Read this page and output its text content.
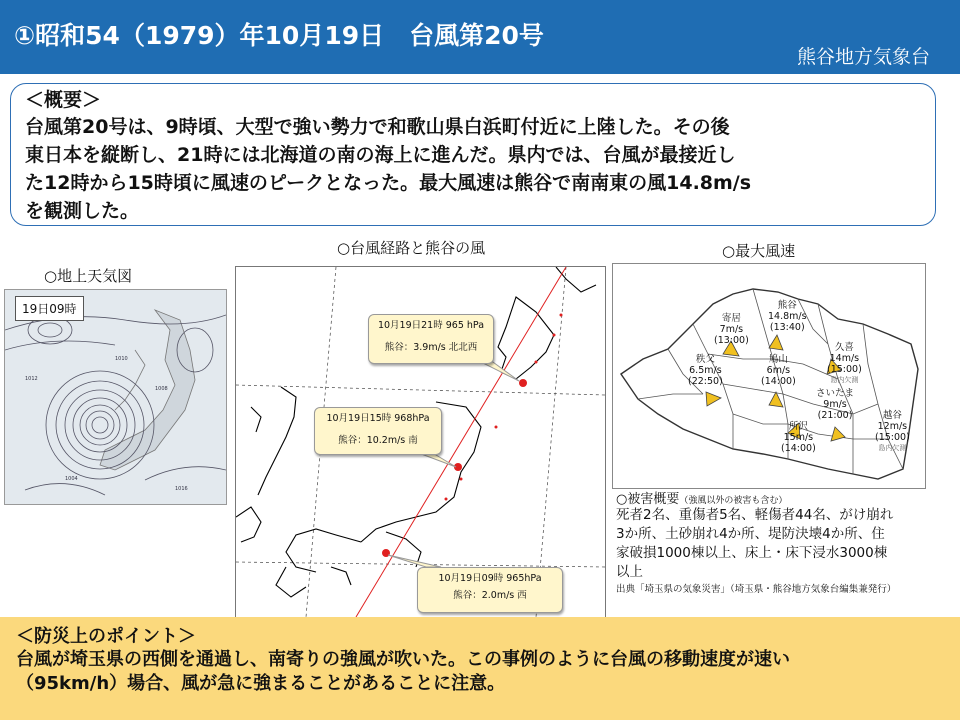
①昭和54（1979）年10月19日　台風第20号
熊谷地方気象台
＜概要＞
台風第20号は、9時頃、大型で強い勢力で和歌山県白浜町付近に上陸した。その後
東日本を縦断し、21時には北海道の南の海上に進んだ。県内では、台風が最接近し
た12時から15時頃に風速のピークとなった。最大風速は熊谷で南南東の風14.8m/s
を観測した。
○地上天気図
1012
1008
1004
1016
1010
19日09時
○台風経路と熊谷の風
10月19日21時 965 hPa
熊谷：3.9m/s 北北西
10月19日15時 968hPa
熊谷：10.2m/s 南
10月19日09時 965hPa
熊谷：2.0m/s 西
○最大風速
寄居
7m/s
(13:00)
熊谷
14.8m/s
(13:40)
秩父
6.5m/s
(22:50)
鳩山
6m/s
(14:00)
久喜
14m/s
(15:00)
島内欠測
さいたま
9m/s
(21:00)
所沢
15m/s
(14:00)
越谷
12m/s
(15:00)
島内欠測
○被害概要（強風以外の被害も含む）
死者2名、重傷者5名、軽傷者44名、がけ崩れ
3か所、土砂崩れ4か所、堤防決壊4か所、住
家破損1000棟以上、床上・床下浸水3000棟
以上
出典「埼玉県の気象災害」（埼玉県・熊谷地方気象台編集兼発行）
＜防災上のポイント＞
台風が埼玉県の西側を通過し、南寄りの強風が吹いた。この事例のように台風の移動速度が速い
（95km/h）場合、風が急に強まることがあることに注意。
